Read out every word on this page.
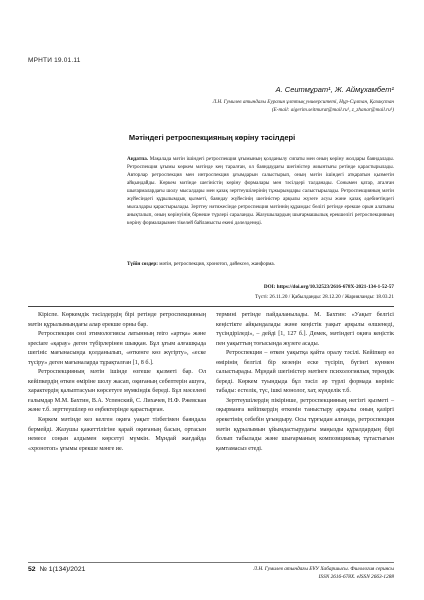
МРНТИ 19.01.11
А. Сеитмұрат¹, Ж. Аймұхамбет¹
Л.Н. Гумилев атындағы Еуразия ұлттық университеті, Нұр-Сұлтан, Қазақстан
(E-mail: aigerim.seitmurat@mail.ru¹, z_zhanar@mail.ru¹)
Мәтіндегі ретроспекцияның көріну тәсілдері
Аңдатпа. Мақалада мәтін ішіндегі ретроспекция ұғымының қолданылу сипаты мен оның көріну жолдары баяндалады. Ретроспекция ұғымы көркем мәтінде кең таралған, ол баяндаудағы шегіністер жиынтығы ретінде қарастырылады. Авторлар ретроспекция мен интроспекция ұғымдарын салыстырып, оның мәтін ішіндегі атқаратын қызметін айқындайды. Көркем мәтінде шегіністің көріну формалары мен тәсілдері талданады. Сонымен қатар, аталған шығармалардағы шолу мысалдары мен қазақ зерттеушілерінің тұжырымдары салыстырылады. Ретроспекцияның мәтін жүйесіндегі құрылымдық қызметі, баяндау жүйесінің шегіністер арқылы жүзеге асуы және қазақ әдебиетіндегі мысалдары қарастырылады. Зерттеу нәтижесінде ретроспекция мәтіннің құрамдас бөлігі ретінде ерекше орын алатыны анықталып, оның көрінуінің бірнеше түрлері сараланды. Жазушылардың шығармашылық ерекшелігі ретроспекцияның көріну формаларымен тікелей байланысты екені дәлелденеді.
Түйін сөздер: мәтін, ретроспекция, хронотоп, дәйексөз, жанформа.
DOI: https://doi.org/10.32523/2616-678X-2021-134-1-52-57
Түсті: 26.11.20 / Қабылданды: 28.12.20 / Жарияланды: 18.03.21

Кіріспе. Көркемдік тәсілдердің бірі ретінде ретроспекцияның мәтін құрылымындағы алар ерекше орны бар.

Ретроспекция сөзі этимологиясы латынның retro «артқа» және spectare «қарау» деген түбірлерінен шыққан. Бұл ұғым алғашқыда шегініс мағынасында қолданылып, «өткенге көз жүгірту», «еске түсіру» деген мағыналарда тұрақталған [1, 8 б.].

Ретроспекцияның мәтін ішінде өзгеше қызметі бар. Ол кейіпкердің өткен өміріне шолу жасап, оқиғаның себептерін ашуға, характердің қалыптасуын көрсетуге мүмкіндік береді. Бұл мәселені ғалымдар М.М. Бахтин, В.А. Успенский, С. Лихачев, Н.Ф. Ржевская және т.б. зерттеушілер өз еңбектерінде қарастырған.

Көркем мәтінде кез келген оқиға уақыт тізбегімен баяндала бермейді. Жазушы қажеттілігіне қарай оқиғаның басын, ортасын немесе соңын алдымен көрсетуі мүмкін. Мұндай жағдайда «хронотоп» ұғымы ерекше мәнге ие.

термині ретінде пайдаланылады. М. Бахтин: «Уақыт белгісі кеңістікте айқындалады және кеңістік уақыт арқылы өлшенеді, түсіндіріледі», – дейді [1, 127 б.]. Демек, мәтіндегі оқиға кеңістік пен уақыттың тоғысында жүзеге асады.

Ретроспекция – өткен уақытқа қайта оралу тәсілі. Кейіпкер өз өмірінің белгілі бір кезеңін еске түсіріп, бүгінгі күнмен салыстырады. Мұндай шегіністер мәтінге психологиялық тереңдік береді. Көркем туындыда бұл тәсіл әр түрлі формада көрініс табады: естелік, түс, ішкі монолог, хат, күнделік т.б.

Зерттеушілердің пікірінше, ретроспекцияның негізгі қызметі – оқырманға кейіпкердің өткенін таныстыру арқылы оның қазіргі әрекетінің себебін ұғындыру. Осы тұрғыдан алғанда, ретроспекция мәтін құрылымын ұйымдастырудағы маңызды құралдардың бірі болып табылады және шығарманың композициялық тұтастығын қамтамасыз етеді.

52 № 1(134)/2021	Л.Н. Гумилев атындағы ЕҰУ Хабаршысы. Филология сериясы
ISSN 2616-678X. eISSN 2663-1288
